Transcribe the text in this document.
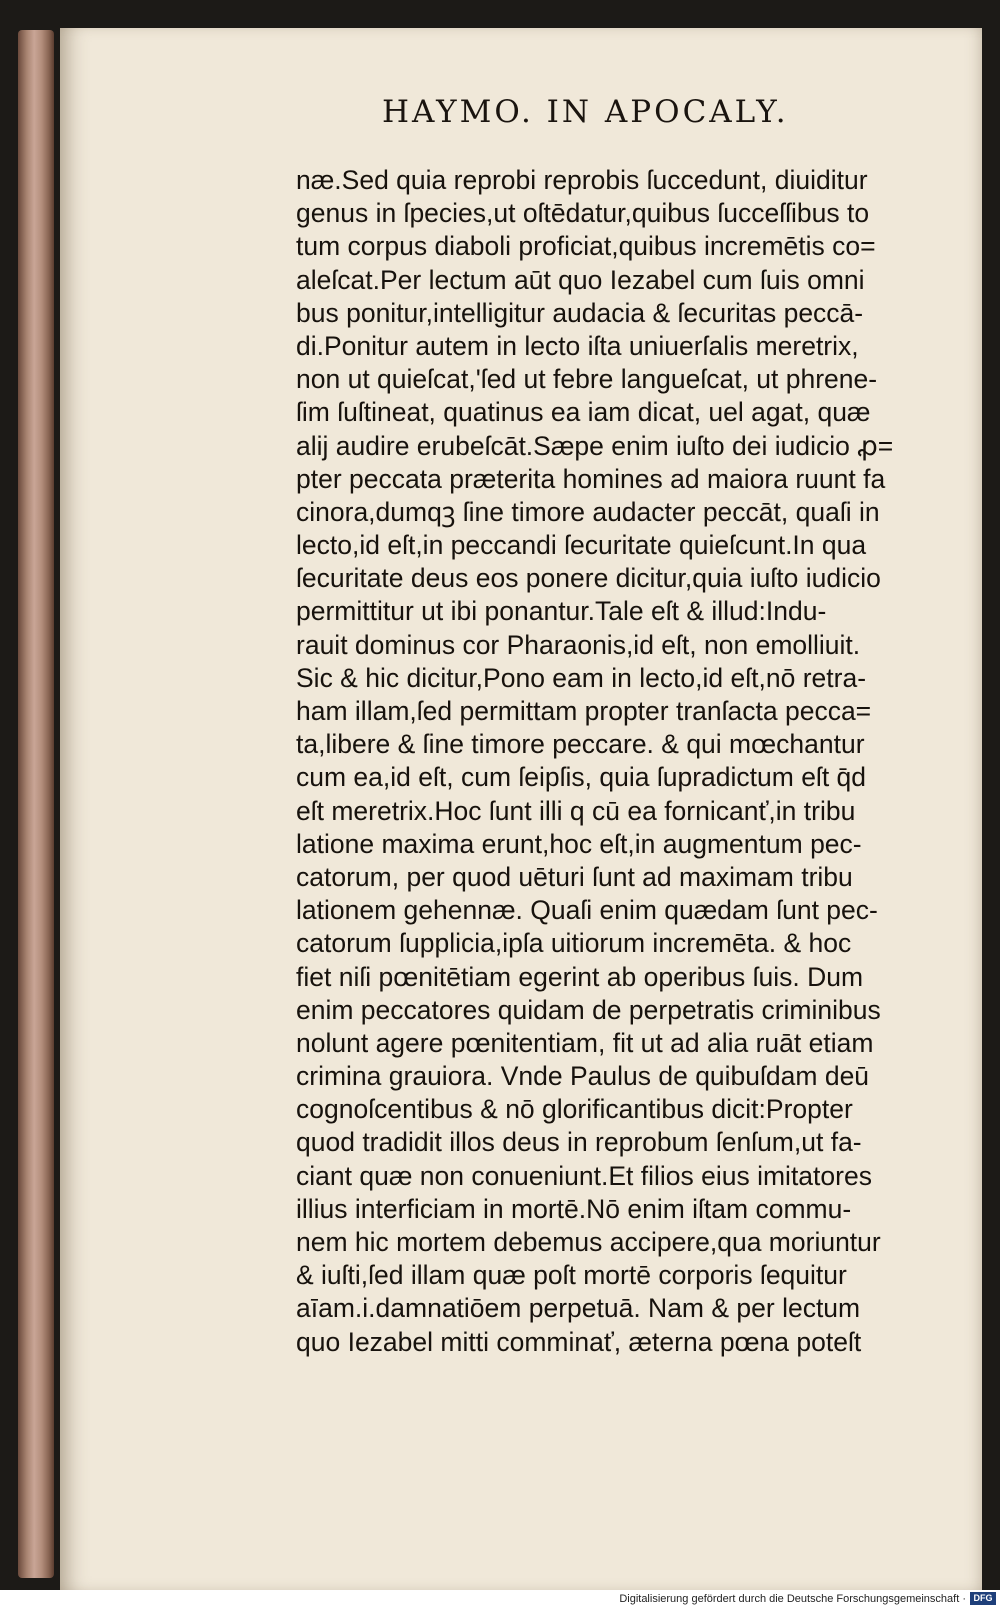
HAYMO. IN APOCALY.
næ.Sed quia reprobi reprobis ſuccedunt, diuiditur
genus in ſpecies,ut oſtēdatur,quibus ſucceſſibus to
tum corpus diaboli proficiat,quibus incremētis co=
aleſcat.Per lectum aūt quo Iezabel cum ſuis omni
bus ponitur,intelligitur audacia & ſecuritas peccā-
di.Ponitur autem in lecto iſta uniuerſalis meretrix,
non ut quieſcat,'ſed ut febre langueſcat, ut phrene-
ſim ſuſtineat, quatinus ea iam dicat, uel agat, quæ
alij audire erubeſcāt.Sæpe enim iuſto dei iudicio ꝓ=
pter peccata præterita homines ad maiora ruunt fa
cinora,dumqꝫ ſine timore audacter peccāt, quaſi in
lecto,id eſt,in peccandi ſecuritate quieſcunt.In qua
ſecuritate deus eos ponere dicitur,quia iuſto iudicio
permittitur ut ibi ponantur.Tale eſt & illud:Indu-
rauit dominus cor Pharaonis,id eſt, non emolliuit.
Sic & hic dicitur,Pono eam in lecto,id eſt,nō retra-
ham illam,ſed permittam propter tranſacta pecca=
ta,libere & ſine timore peccare. & qui mœchantur
cum ea,id eſt, cum ſeipſis, quia ſupradictum eſt q̄d
eſt meretrix.Hoc ſunt illi q cū ea fornicanť,in tribu
latione maxima erunt,hoc eſt,in augmentum pec-
catorum, per quod uēturi ſunt ad maximam tribu
lationem gehennæ. Quaſi enim quædam ſunt pec-
catorum ſupplicia,ipſa uitiorum incremēta. & hoc
fiet niſi pœnitētiam egerint ab operibus ſuis. Dum
enim peccatores quidam de perpetratis criminibus
nolunt agere pœnitentiam, fit ut ad alia ruāt etiam
crimina grauiora. Vnde Paulus de quibuſdam deū
cognoſcentibus & nō glorificantibus dicit:Propter
quod tradidit illos deus in reprobum ſenſum,ut fa-
ciant quæ non conueniunt.Et filios eius imitatores
illius interficiam in mortē.Nō enim iſtam commu-
nem hic mortem debemus accipere,qua moriuntur
& iuſti,ſed illam quæ poſt mortē corporis ſequitur
aīam.i.damnatiōem perpetuā. Nam & per lectum
quo Iezabel mitti comminať, æterna pœna poteſt
Digitalisierung gefördert durch die Deutsche Forschungsgemeinschaft · DFG
